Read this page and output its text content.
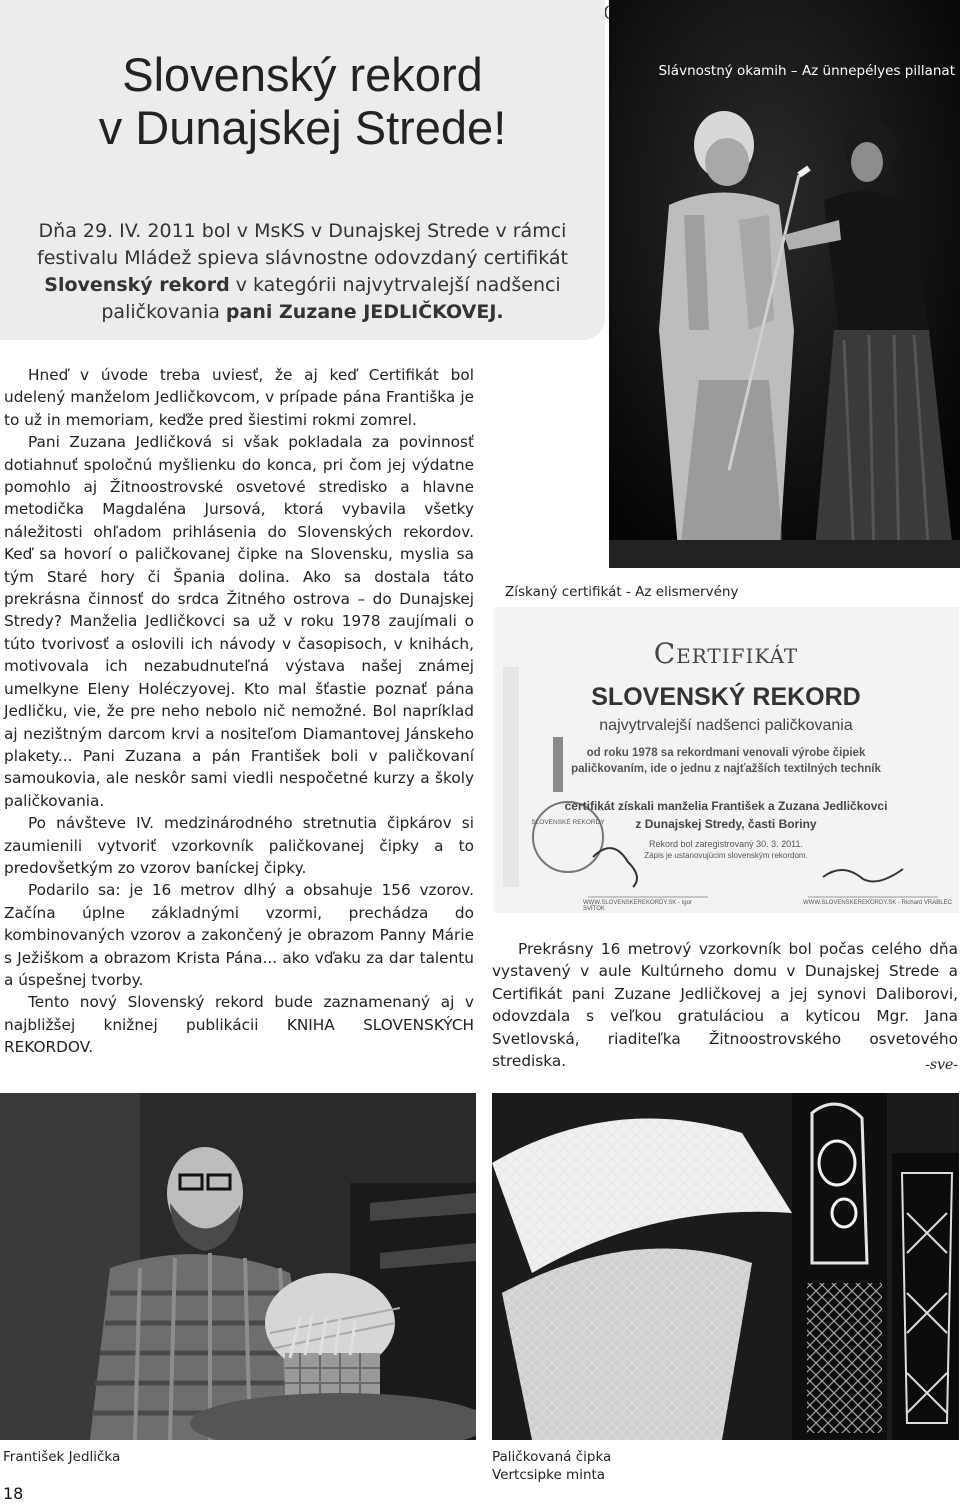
Slovenský rekord
v Dunajskej Strede!
Dňa 29. IV. 2011 bol v MsKS v Dunajskej Strede v rámci festivalu Mládež spieva slávnostne odovzdaný certifikát Slovenský rekord v kategórii najvytrvalejší nadšenci paličkovania pani Zuzane JEDLIČKOVEJ.

Hneď v úvode treba uviesť, že aj keď Certifikát bol udelený manželom Jedličkovcom, v prípade pána Františka je to už in memoriam, keďže pred šiestimi rokmi zomrel.

Pani Zuzana Jedličková si však pokladala za povinnosť dotiahnuť spoločnú myšlienku do konca, pri čom jej výdatne pomohlo aj Žitnoostrovské osvetové stredisko a hlavne metodička Magdaléna Jursová, ktorá vybavila všetky náležitosti ohľadom prihlásenia do Slovenských rekordov. Keď sa hovorí o paličkovanej čipke na Slovensku, myslia sa tým Staré hory či Špania dolina. Ako sa dostala táto prekrásna činnosť do srdca Žitného ostrova – do Dunajskej Stredy? Manželia Jedličkovci sa už v roku 1978 zaujímali o túto tvorivosť a oslovili ich návody v časopisoch, v knihách, motivovala ich nezabudnuteľná výstava našej známej umelkyne Eleny Holéczyovej. Kto mal šťastie poznať pána Jedličku, vie, že pre neho nebolo nič nemožné. Bol napríklad aj nezištným darcom krvi a nositeľom Diamantovej Jánskeho plakety... Pani Zuzana a pán František boli v paličkovaní samoukovia, ale neskôr sami viedli nespočetné kurzy a školy paličkovania.

Po návšteve IV. medzinárodného stretnutia čipkárov si zaumienili vytvoriť vzorkovník paličkovanej čipky a to predovšetkým zo vzorov baníckej čipky.

Podarilo sa: je 16 metrov dlhý a obsahuje 156 vzorov. Začína úplne základnými vzormi, prechádza do kombinovaných vzorov a zakončený je obrazom Panny Márie s Ježiškom a obrazom Krista Pána... ako vďaku za dar talentu a úspešnej tvorby.

Tento nový Slovenský rekord bude zaznamenaný aj v najbližšej knižnej publikácii KNIHA SLOVENSKÝCH REKORDOV.

Slávnostný okamih – Az ünnepélyes pillanat
Získaný certifikát - Az elismervény
Certifikát
SLOVENSKÝ REKORD
najvytrvalejší nadšenci paličkovania
od roku 1978 sa rekordmani venovali výrobe čipiek
paličkovaním, ide o jednu z najťažších textilných techník
certifikát získali manželia František a Zuzana Jedličkovci
z Dunajskej Stredy, časti Boriny
Rekord bol zaregistrovaný 30. 3. 2011.
Zápis je ustanovujúcim slovenským rekordom.
SLOVENSKÉ REKORDY
WWW.SLOVENSKEREKORDY.SK - Igor SVÍTOK
WWW.SLOVENSKEREKORDY.SK - Richard VRABLEC
Prekrásny 16 metrový vzorkovník bol počas celého dňa vystavený v aule Kultúrneho domu v Dunajskej Strede a Certifikát pani Zuzane Jedličkovej a jej synovi Daliborovi, odovzdala s veľkou gratuláciou a kyticou Mgr. Jana Svetlovská, riaditeľka Žitnoostrovského osvetového strediska.	-sve-
František Jedlička	Paličkovaná čipka
Vertcsipke minta
18
